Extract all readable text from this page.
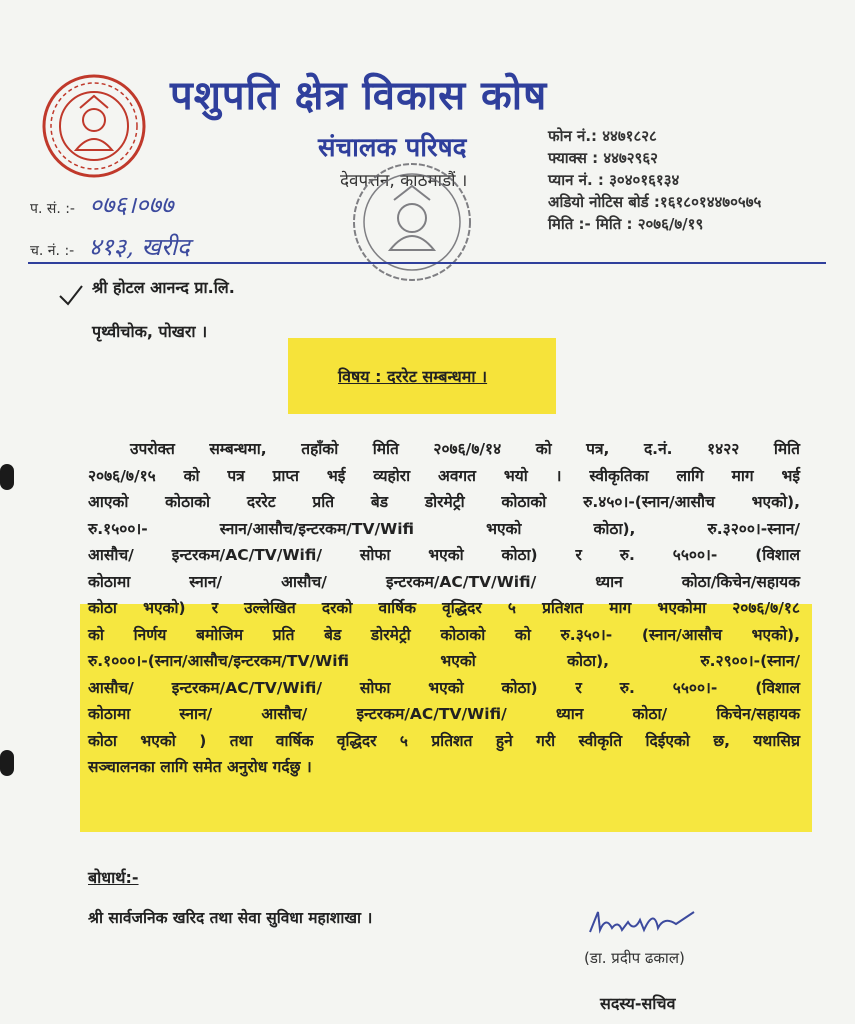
पशुपति क्षेत्र विकास कोष
संचालक परिषद
देवपत्तन, काठमाडौं ।
फोन नं.: ४४७१८२८
फ्याक्स : ४४७२९६२
प्यान नं. : ३०४०१६१३४
अडियो नोटिस बोर्ड :१६१८०१४४७०५७५
मिति :- मिति : २०७६/७/१९
प. सं. :- ०७६।०७७
च. नं. :- ४१३, खरीद
श्री होटल आनन्द प्रा.लि.
पृथ्वीचोक, पोखरा ।
विषय : दररेट सम्बन्धमा ।
उपरोक्त सम्बन्धमा, तहाँको मिति २०७६/७/१४ को पत्र, द.नं. १४२२ मिति
२०७६/७/१५ को पत्र प्राप्त भई व्यहोरा अवगत भयो । स्वीकृतिका लागि माग भई
आएको कोठाको दररेट प्रति बेड डोरमेट्री कोठाको रु.४५०।-(स्नान/आसौच भएको),
रु.१५००।- स्नान/आसौच/इन्टरकम/TV/Wifi भएको कोठा), रु.३२००।-स्नान/
आसौच/ इन्टरकम/AC/TV/Wifi/ सोफा भएको कोठा) र रु. ५५००।- (विशाल
कोठामा स्नान/ आसौच/ इन्टरकम/AC/TV/Wifi/ ध्यान कोठा/किचेन/सहायक
कोठा भएको) र उल्लेखित दरको वार्षिक वृद्धिदर ५ प्रतिशत माग भएकोमा २०७६/७/१८
को निर्णय बमोजिम प्रति बेड डोरमेट्री कोठाको को रु.३५०।- (स्नान/आसौच भएको),
रु.१०००।-(स्नान/आसौच/इन्टरकम/TV/Wifi भएको कोठा), रु.२९००।-(स्नान/
आसौच/ इन्टरकम/AC/TV/Wifi/ सोफा भएको कोठा) र रु. ५५००।- (विशाल
कोठामा स्नान/ आसौच/ इन्टरकम/AC/TV/Wifi/ ध्यान कोठा/ किचेन/सहायक
कोठा भएको ) तथा वार्षिक वृद्धिदर ५ प्रतिशत हुने गरी स्वीकृति दिईएको छ, यथासिघ्र
सञ्चालनका लागि समेत अनुरोध गर्दछु ।
बोधार्थ:-
श्री सार्वजनिक खरिद तथा सेवा सुविधा महाशाखा ।
(डा. प्रदीप ढकाल)
सदस्य-सचिव
